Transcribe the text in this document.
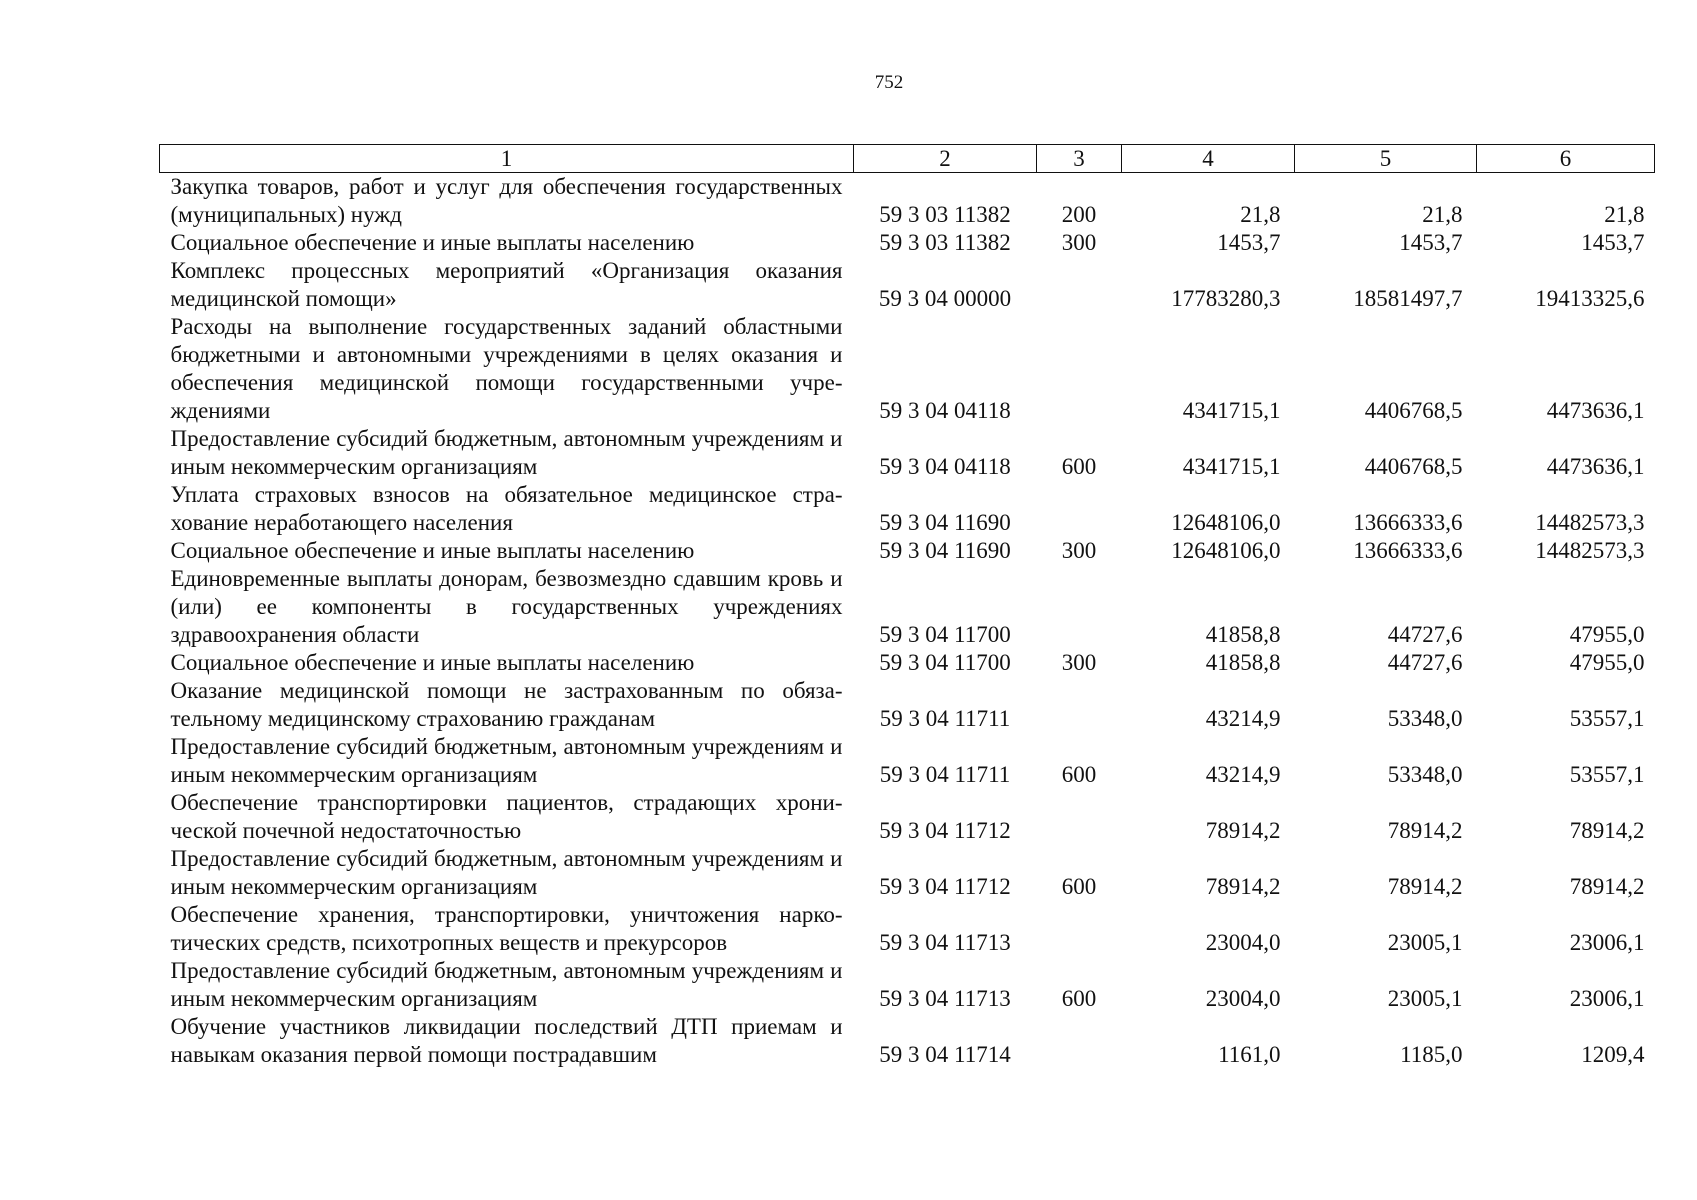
752
1	2	3	4	5	6
Закупка товаров, работ и услуг для обеспечения государственных (муниципальных) нужд	59 3 03 11382	200	21,8	21,8	21,8
Социальное обеспечение и иные выплаты населению	59 3 03 11382	300	1453,7	1453,7	1453,7
Комплекс процессных мероприятий «Организация оказания медицинской помощи»	59 3 04 00000		17783280,3	18581497,7	19413325,6
Расходы на выполнение государственных заданий областными бюджетными и автономными учреждениями в целях оказания и обеспечения медицинской помощи государственными учреждениями	59 3 04 04118		4341715,1	4406768,5	4473636,1
Предоставление субсидий бюджетным, автономным учреждениям и иным некоммерческим организациям	59 3 04 04118	600	4341715,1	4406768,5	4473636,1
Уплата страховых взносов на обязательное медицинское страхование неработающего населения	59 3 04 11690		12648106,0	13666333,6	14482573,3
Социальное обеспечение и иные выплаты населению	59 3 04 11690	300	12648106,0	13666333,6	14482573,3
Единовременные выплаты донорам, безвозмездно сдавшим кровь и (или) ее компоненты в государственных учреждениях здравоохранения области	59 3 04 11700		41858,8	44727,6	47955,0
Социальное обеспечение и иные выплаты населению	59 3 04 11700	300	41858,8	44727,6	47955,0
Оказание медицинской помощи не застрахованным по обязательному медицинскому страхованию гражданам	59 3 04 11711		43214,9	53348,0	53557,1
Предоставление субсидий бюджетным, автономным учреждениям и иным некоммерческим организациям	59 3 04 11711	600	43214,9	53348,0	53557,1
Обеспечение транспортировки пациентов, страдающих хронической почечной недостаточностью	59 3 04 11712		78914,2	78914,2	78914,2
Предоставление субсидий бюджетным, автономным учреждениям и иным некоммерческим организациям	59 3 04 11712	600	78914,2	78914,2	78914,2
Обеспечение хранения, транспортировки, уничтожения наркотических средств, психотропных веществ и прекурсоров	59 3 04 11713		23004,0	23005,1	23006,1
Предоставление субсидий бюджетным, автономным учреждениям и иным некоммерческим организациям	59 3 04 11713	600	23004,0	23005,1	23006,1
Обучение участников ликвидации последствий ДТП приемам и навыкам оказания первой помощи пострадавшим	59 3 04 11714		1161,0	1185,0	1209,4
